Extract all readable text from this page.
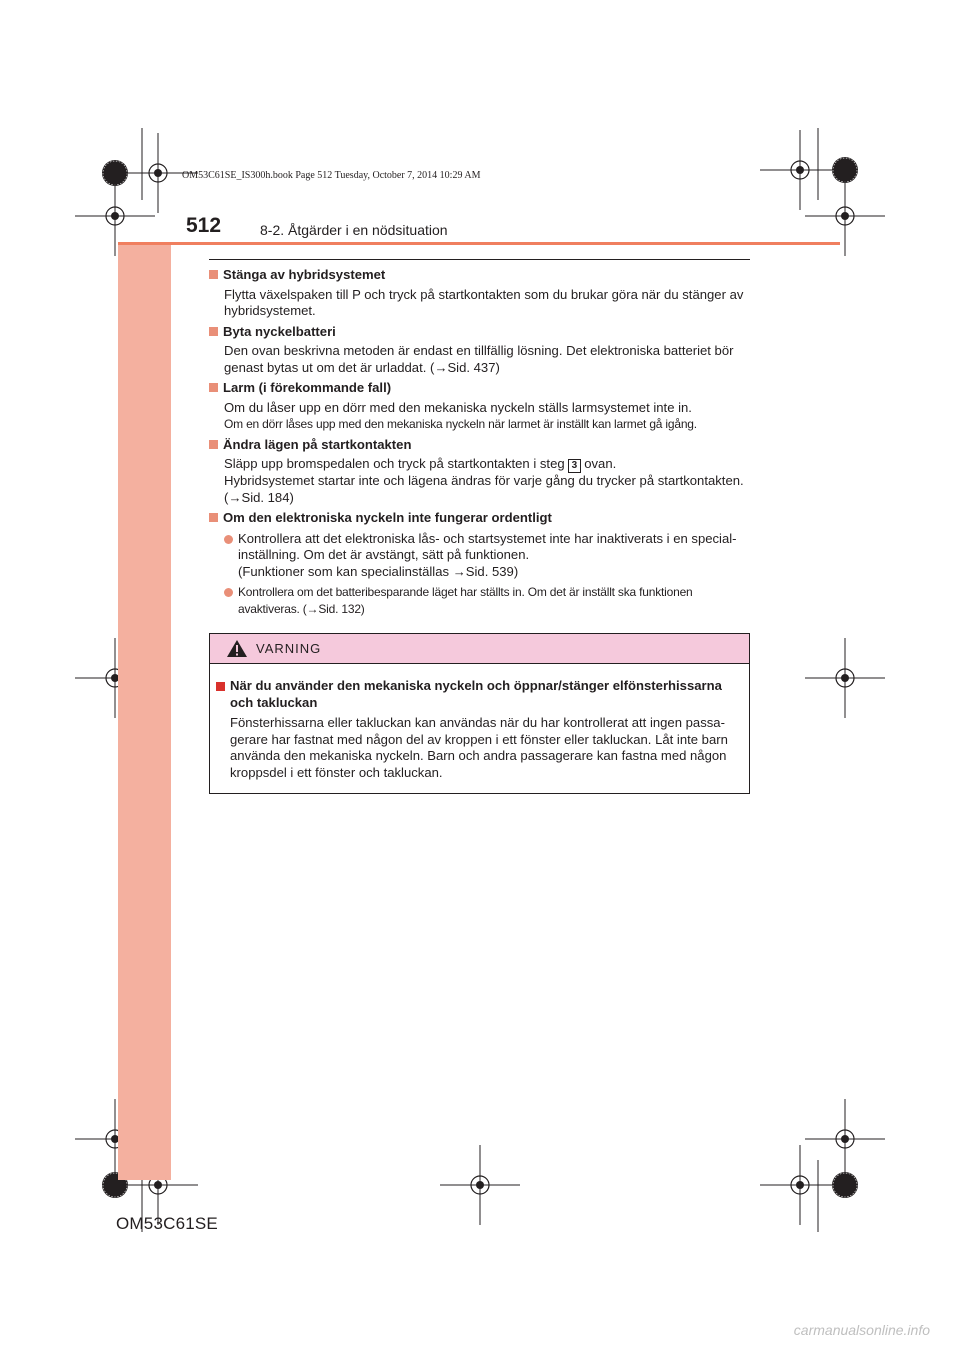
OM53C61SE_IS300h.book Page 512 Tuesday, October 7, 2014 10:29 AM
512	8-2. Åtgärder i en nödsituation
Stänga av hybridsystemet

Flytta växelspaken till P och tryck på startkontakten som du brukar göra när du stänger av hybridsystemet.

Byta nyckelbatteri

Den ovan beskrivna metoden är endast en tillfällig lösning. Det elektroniska batteriet bör genast bytas ut om det är urladdat. (→Sid. 437)

Larm (i förekommande fall)

Om du låser upp en dörr med den mekaniska nyckeln ställs larmsystemet inte in.

Om en dörr låses upp med den mekaniska nyckeln när larmet är inställt kan larmet gå igång.

Ändra lägen på startkontakten

Släpp upp bromspedalen och tryck på startkontakten i steg 3 ovan.

Hybridsystemet startar inte och lägena ändras för varje gång du trycker på startkontakten. (→Sid. 184)

Om den elektroniska nyckeln inte fungerar ordentligt

Kontrollera att det elektroniska lås- och startsystemet inte har inaktiverats i en specialinställning. Om det är avstängt, sätt på funktionen.

(Funktioner som kan specialinställas →Sid. 539)

Kontrollera om det batteribesparande läget har ställts in. Om det är inställt ska funktionen avaktiveras. (→Sid. 132)

VARNING
När du använder den mekaniska nyckeln och öppnar/stänger elfönsterhissarna och takluckan

Fönsterhissarna eller takluckan kan användas när du har kontrollerat att ingen passagerare har fastnat med någon del av kroppen i ett fönster eller takluckan. Låt inte barn använda den mekaniska nyckeln. Barn och andra passagerare kan fastna med någon kroppsdel i ett fönster och takluckan.

OM53C61SE
carmanualsonline.info
